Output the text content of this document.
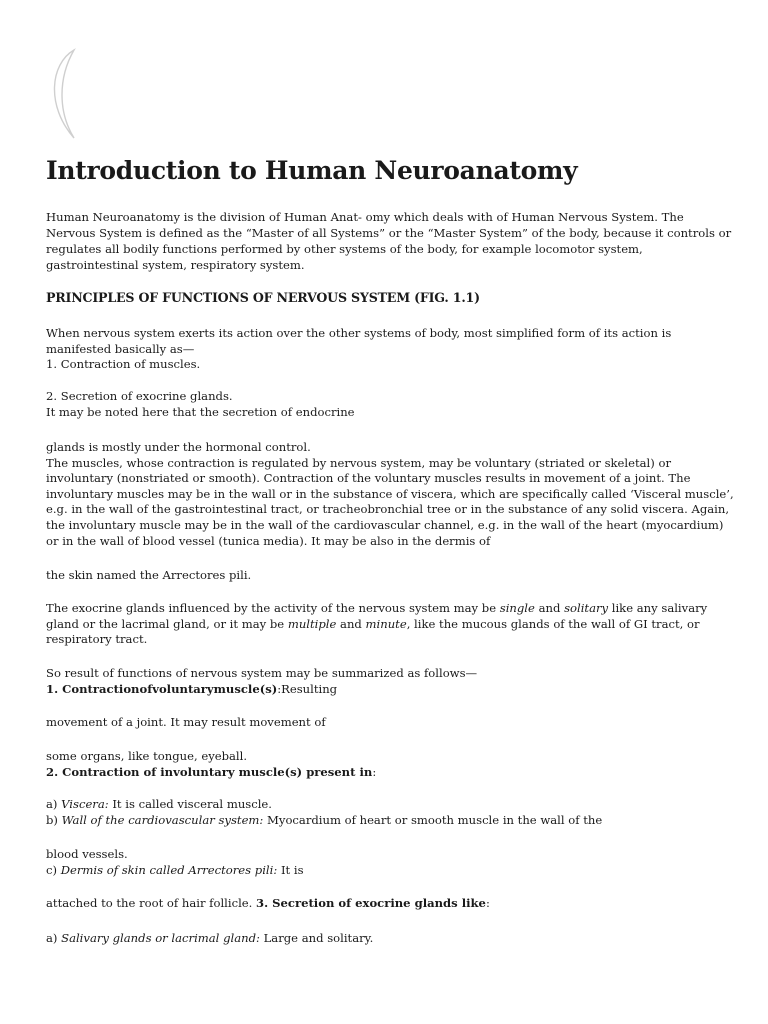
Introduction to Human Neuroanatomy

Human Neuroanatomy is the division of Human Anat- omy which deals with of Human Nervous System. The

Nervous System is defined as the “Master of all Systems” or the “Master System” of the body, because it controls or

regulates all bodily functions performed by other systems of the body, for example locomotor system,

gastrointestinal system, respiratory system.

PRINCIPLES OF FUNCTIONS OF NERVOUS SYSTEM (FIG. 1.1)

When nervous system exerts its action over the other systems of body, most simplified form of its action is

manifested basically as—

1. Contraction of muscles.

2. Secretion of exocrine glands.

It may be noted here that the secretion of endocrine

glands is mostly under the hormonal control.

The muscles, whose contraction is regulated by nervous system, may be voluntary (striated or skeletal) or

involuntary (nonstriated or smooth). Contraction of the voluntary muscles results in movement of a joint. The

involuntary muscles may be in the wall or in the substance of viscera, which are specifically called ‘Visceral muscle’,

e.g. in the wall of the gastrointestinal tract, or tracheobronchial tree or in the substance of any solid viscera. Again,

the involuntary muscle may be in the wall of the cardiovascular channel, e.g. in the wall of the heart (myocardium)

or in the wall of blood vessel (tunica media). It may be also in the dermis of

the skin named the Arrectores pili.

The exocrine glands influenced by the activity of the nervous system may be single and solitary like any salivary

gland or the lacrimal gland, or it may be multiple and minute, like the mucous glands of the wall of GI tract, or

respiratory tract.

So result of functions of nervous system may be summarized as follows—

1. Contractionofvoluntarymuscle(s):Resulting

movement of a joint. It may result movement of

some organs, like tongue, eyeball.

2. Contraction of involuntary muscle(s) present in:

a) Viscera: It is called visceral muscle.

b) Wall of the cardiovascular system: Myocardium of heart or smooth muscle in the wall of the

blood vessels.

c) Dermis of skin called Arrectores pili: It is

attached to the root of hair follicle. 3. Secretion of exocrine glands like:

a) Salivary glands or lacrimal gland: Large and solitary.
